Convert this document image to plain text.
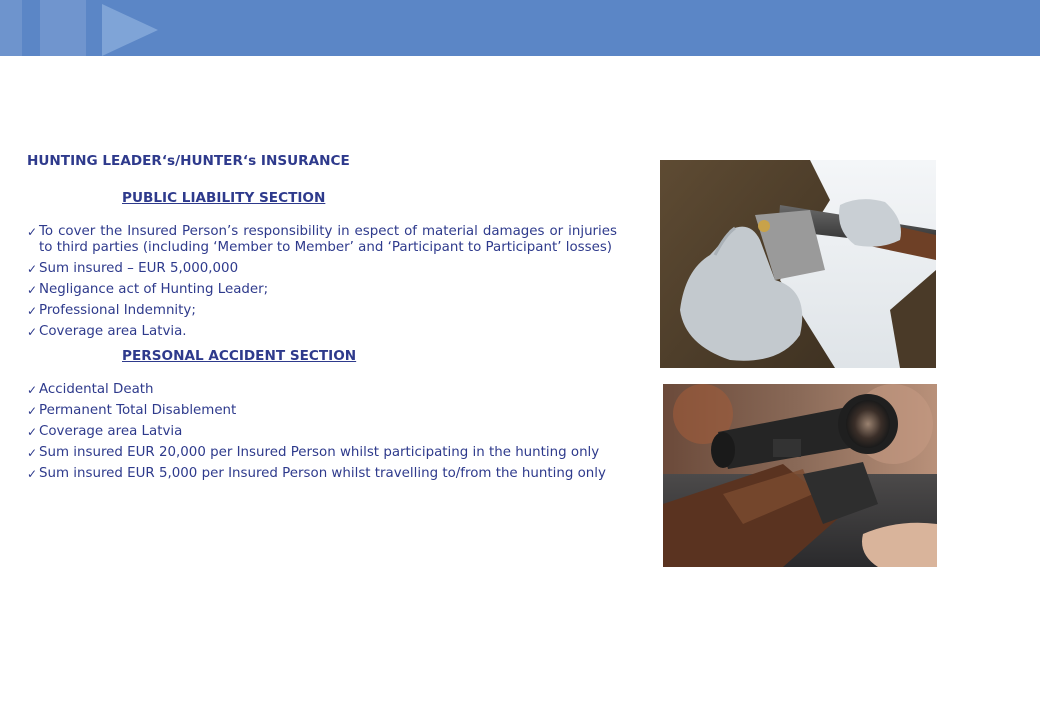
HUNTING LEADER‘s/HUNTER‘s INSURANCE
PUBLIC LIABILITY SECTION
✓ To cover the Insured Person’s responsibility in espect of material damages or injuries to third parties (including ‘Member to Member’ and ‘Participant to Participant’ losses)
✓ Sum insured – EUR 5,000,000
✓ Negligance act of Hunting Leader;
✓ Professional Indemnity;
✓ Coverage area Latvia.
PERSONAL ACCIDENT SECTION
✓ Accidental Death
✓ Permanent Total Disablement
✓ Coverage area Latvia
✓ Sum insured EUR 20,000 per Insured Person whilst participating in the hunting only
✓ Sum insured EUR 5,000 per Insured Person whilst travelling to/from the hunting only
